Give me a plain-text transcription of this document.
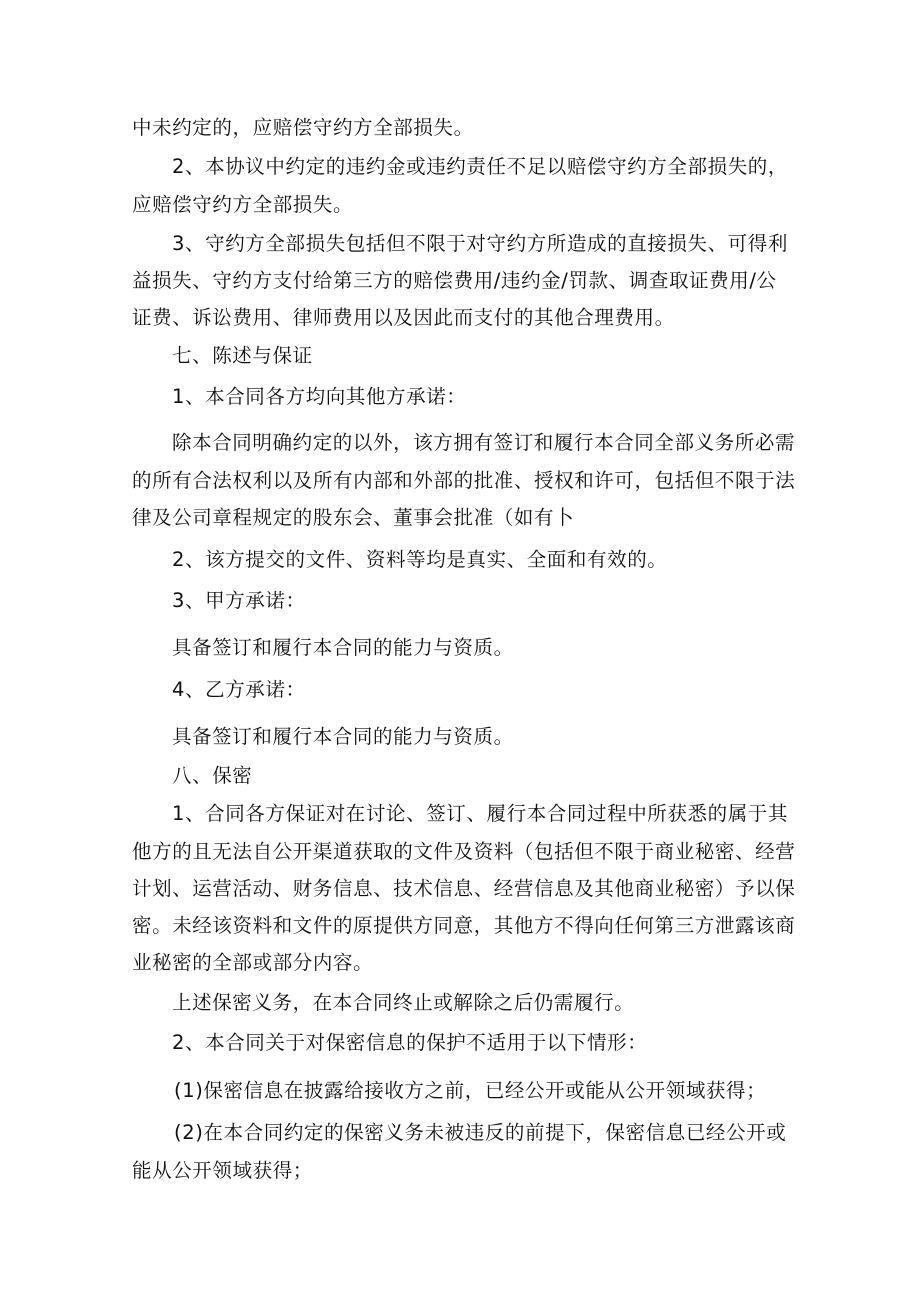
中未约定的，应赔偿守约方全部损失。
2、本协议中约定的违约金或违约责任不足以赔偿守约方全部损失的，
应赔偿守约方全部损失。
3、守约方全部损失包括但不限于对守约方所造成的直接损失、可得利
益损失、守约方支付给第三方的赔偿费用/违约金/罚款、调查取证费用/公
证费、诉讼费用、律师费用以及因此而支付的其他合理费用。
七、陈述与保证
1、本合同各方均向其他方承诺：
除本合同明确约定的以外，该方拥有签订和履行本合同全部义务所必需
的所有合法权利以及所有内部和外部的批准、授权和许可，包括但不限于法
律及公司章程规定的股东会、董事会批准（如有卜
2、该方提交的文件、资料等均是真实、全面和有效的。
3、甲方承诺：
具备签订和履行本合同的能力与资质。
4、乙方承诺：
具备签订和履行本合同的能力与资质。
八、保密
1、合同各方保证对在讨论、签订、履行本合同过程中所获悉的属于其
他方的且无法自公开渠道获取的文件及资料（包括但不限于商业秘密、经营
计划、运营活动、财务信息、技术信息、经营信息及其他商业秘密）予以保
密。未经该资料和文件的原提供方同意，其他方不得向任何第三方泄露该商
业秘密的全部或部分内容。
上述保密义务，在本合同终止或解除之后仍需履行。
2、本合同关于对保密信息的保护不适用于以下情形：
(1)保密信息在披露给接收方之前，已经公开或能从公开领域获得；
(2)在本合同约定的保密义务未被违反的前提下，保密信息已经公开或
能从公开领域获得；
